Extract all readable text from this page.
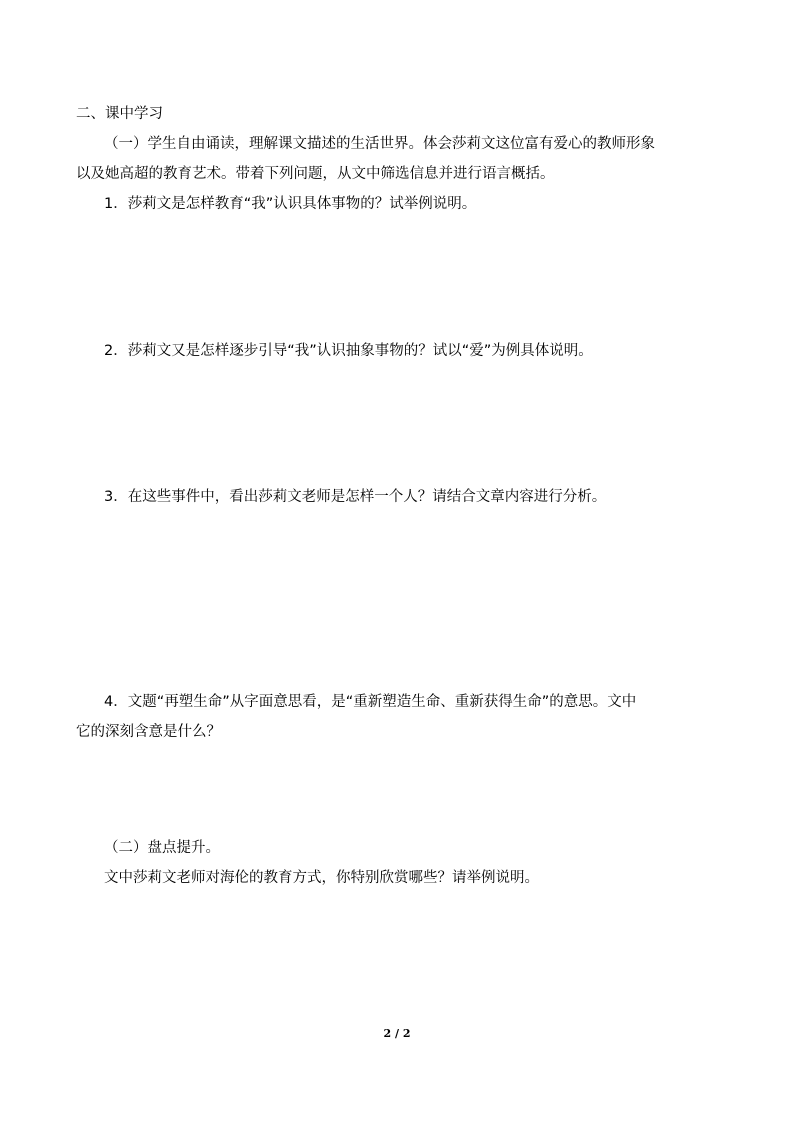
二、课中学习
（一）学生自由诵读，理解课文描述的生活世界。体会莎莉文这位富有爱心的教师形象
以及她高超的教育艺术。带着下列问题，从文中筛选信息并进行语言概括。
1．莎莉文是怎样教育“我”认识具体事物的？试举例说明。
2．莎莉文又是怎样逐步引导“我”认识抽象事物的？试以“爱”为例具体说明。
3．在这些事件中，看出莎莉文老师是怎样一个人？请结合文章内容进行分析。
4．文题“再塑生命”从字面意思看，是“重新塑造生命、重新获得生命”的意思。文中
它的深刻含意是什么？
（二）盘点提升。
文中莎莉文老师对海伦的教育方式，你特别欣赏哪些？请举例说明。
2 / 2
